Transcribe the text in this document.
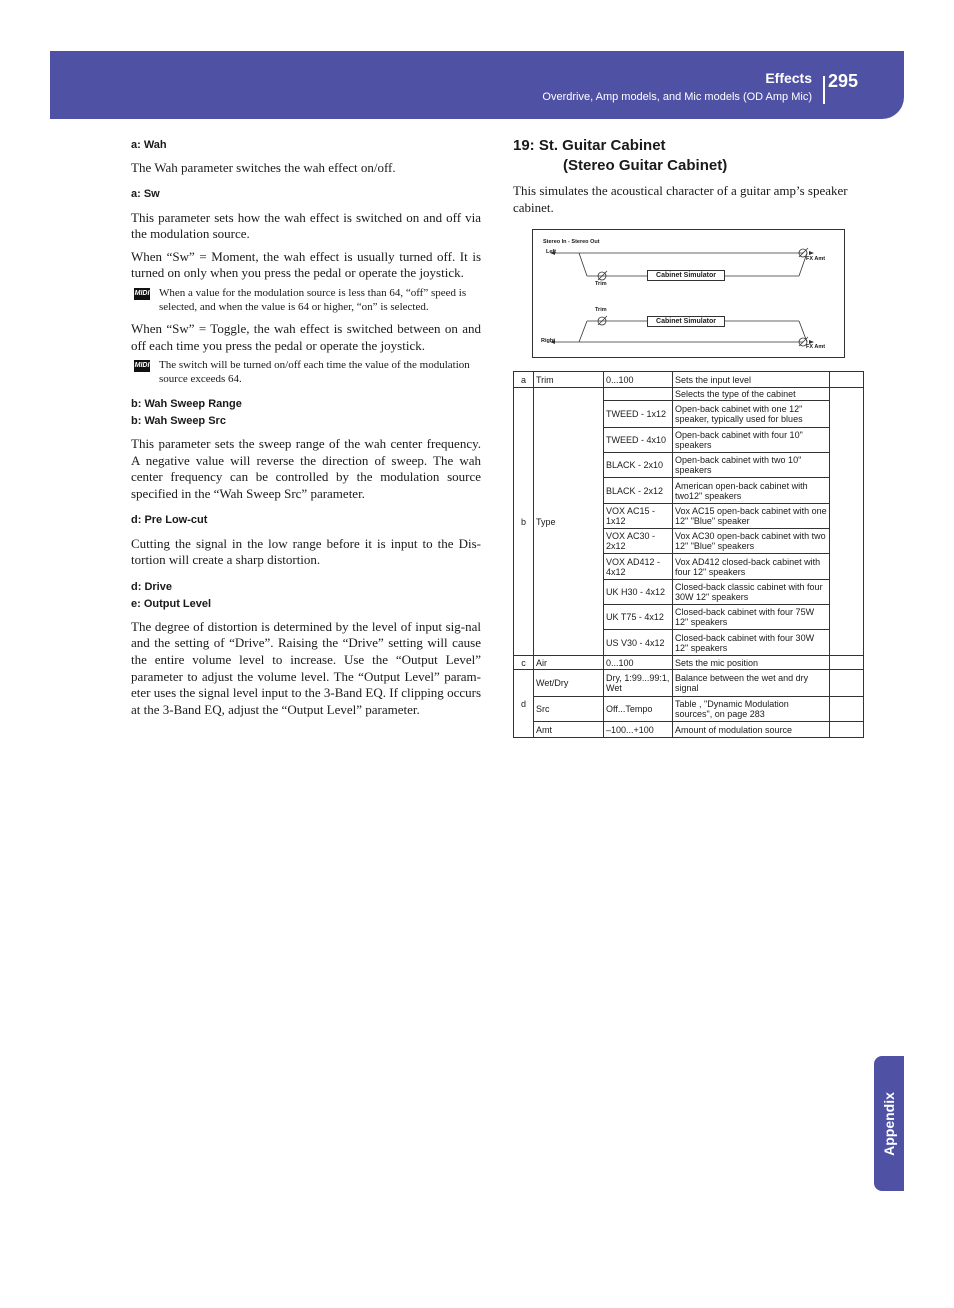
Effects
Overdrive, Amp models, and Mic models (OD Amp Mic)
295

a: Wah

The Wah parameter switches the wah effect on/off.

a: Sw

This parameter sets how the wah effect is switched on and off via the modulation source.

When “Sw” = Moment, the wah effect is usually turned off. It is turned on only when you press the pedal or operate the joystick.

MIDI When a value for the modulation source is less than 64, “off” speed is selected, and when the value is 64 or higher, “on” is selected.

When “Sw” = Toggle, the wah effect is switched between on and off each time you press the pedal or operate the joystick.

MIDI The switch will be turned on/off each time the value of the modulation source exceeds 64.

b: Wah Sweep Range

b: Wah Sweep Src

This parameter sets the sweep range of the wah center frequency. A negative value will reverse the direction of sweep. The wah center frequency can be controlled by the modulation source specified in the “Wah Sweep Src” parameter.

d: Pre Low-cut

Cutting the signal in the low range before it is input to the Dis-tortion will create a sharp distortion.

d: Drive

e: Output Level

The degree of distortion is determined by the level of input sig-nal and the setting of “Drive”. Raising the “Drive” setting will cause the entire volume level to increase. Use the “Output Level” parameter to adjust the volume level. The “Output Level” param-eter uses the signal level input to the 3-Band EQ. If clipping occurs at the 3-Band EQ, adjust the “Output Level” parameter.

19: St. Guitar Cabinet
(Stereo Guitar Cabinet)

This simulates the acoustical character of a guitar amp’s speaker cabinet.

Stereo In - Stereo Out
Left
Right
Trim
Trim
Cabinet Simulator
Cabinet Simulator
FX Amt
FX Amt
a	Trim	0...100	Sets the input level	
b	Type		Selects the type of the cabinet	
		TWEED - 1x12	Open-back cabinet with one 12" speaker, typically used for blues	
		TWEED - 4x10	Open-back cabinet with four 10" speakers	
		BLACK - 2x10	Open-back cabinet with two 10" speakers	
		BLACK - 2x12	American open-back cabinet with two12" speakers	
		VOX AC15 - 1x12	Vox AC15 open-back cabinet with one 12" "Blue" speaker	
		VOX AC30 - 2x12	Vox AC30 open-back cabinet with two 12" "Blue" speakers	
		VOX AD412 - 4x12	Vox AD412 closed-back cabinet with four 12" speakers	
		UK H30 - 4x12	Closed-back classic cabinet with four 30W 12" speakers	
		UK T75 - 4x12	Closed-back cabinet with four 75W 12" speakers	
		US V30 - 4x12	Closed-back cabinet with four 30W 12" speakers	
c	Air	0...100	Sets the mic position	
d	Wet/Dry	Dry, 1:99...99:1, Wet	Balance between the wet and dry signal	
	Src	Off...Tempo	Table , "Dynamic Modulation sources", on page 283	
	Amt	–100...+100	Amount of modulation source	
Appendix
